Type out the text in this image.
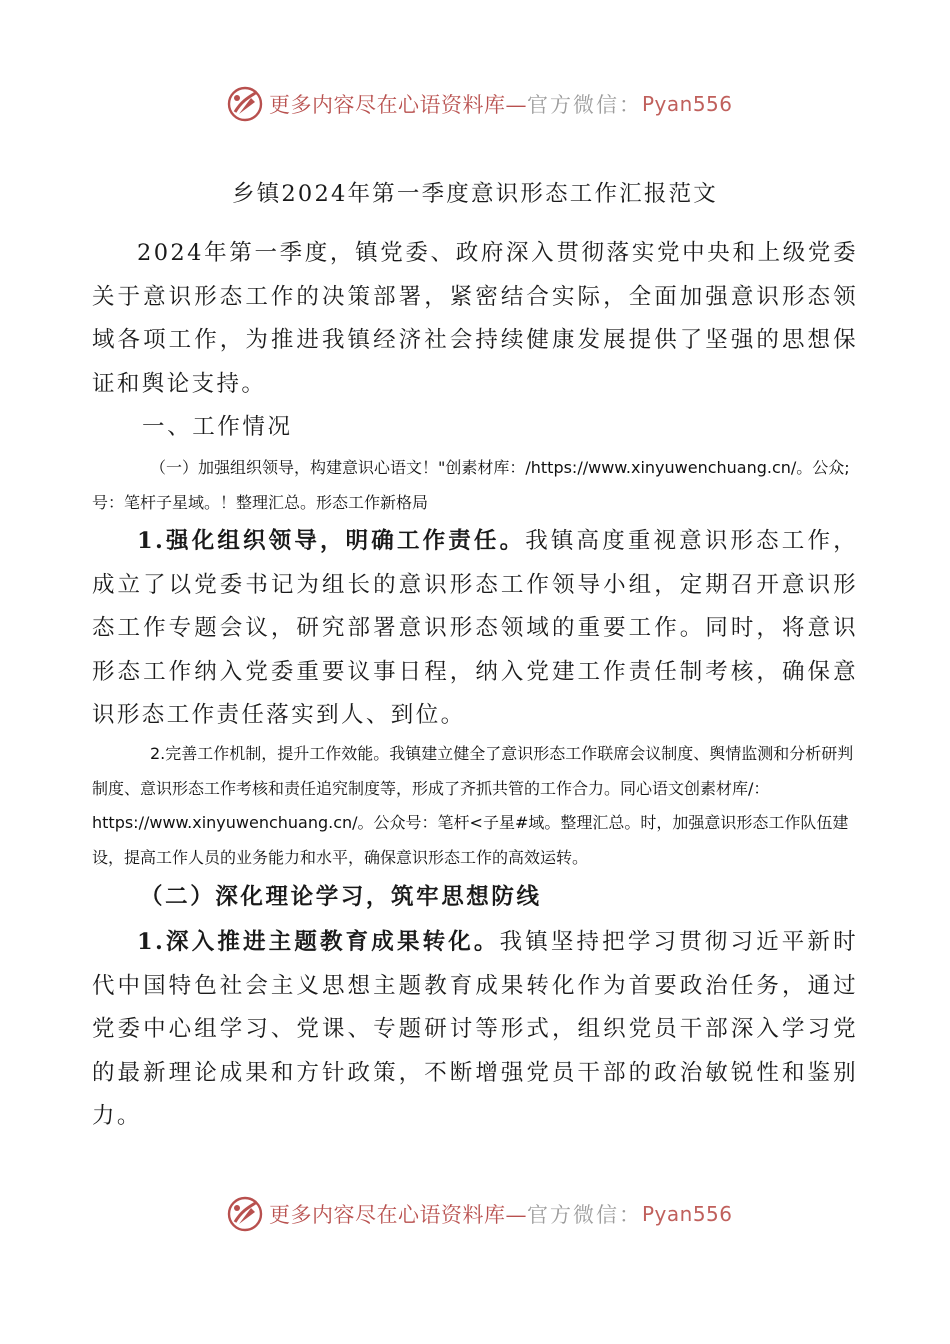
更多内容尽在心语资料库— 官方微信： Pyan556
乡镇2024年第一季度意识形态工作汇报范文

2024年第一季度，镇党委、政府深入贯彻落实党中央和上级党委关于意识形态工作的决策部署，紧密结合实际，全面加强意识形态领域各项工作，为推进我镇经济社会持续健康发展提供了坚强的思想保证和舆论支持。

一、工作情况

（一）加强组织领导，构建意识心语文！"创素材库：/https://www.xinyuwenchuang.cn/。公众;号：笔杆子星域。！整理汇总。形态工作新格局

1.强化组织领导，明确工作责任。我镇高度重视意识形态工作，成立了以党委书记为组长的意识形态工作领导小组，定期召开意识形态工作专题会议，研究部署意识形态领域的重要工作。同时，将意识形态工作纳入党委重要议事日程，纳入党建工作责任制考核，确保意识形态工作责任落实到人、到位。

2.完善工作机制，提升工作效能。我镇建立健全了意识形态工作联席会议制度、舆情监测和分析研判制度、意识形态工作考核和责任追究制度等，形成了齐抓共管的工作合力。同心语文创素材库/：https://www.xinyuwenchuang.cn/。公众号：笔杆<子星#域。整理汇总。时，加强意识形态工作队伍建设，提高工作人员的业务能力和水平，确保意识形态工作的高效运转。

（二）深化理论学习，筑牢思想防线

1.深入推进主题教育成果转化。我镇坚持把学习贯彻习近平新时代中国特色社会主义思想主题教育成果转化作为首要政治任务，通过党委中心组学习、党课、专题研讨等形式，组织党员干部深入学习党的最新理论成果和方针政策，不断增强党员干部的政治敏锐性和鉴别力。

更多内容尽在心语资料库— 官方微信： Pyan556
